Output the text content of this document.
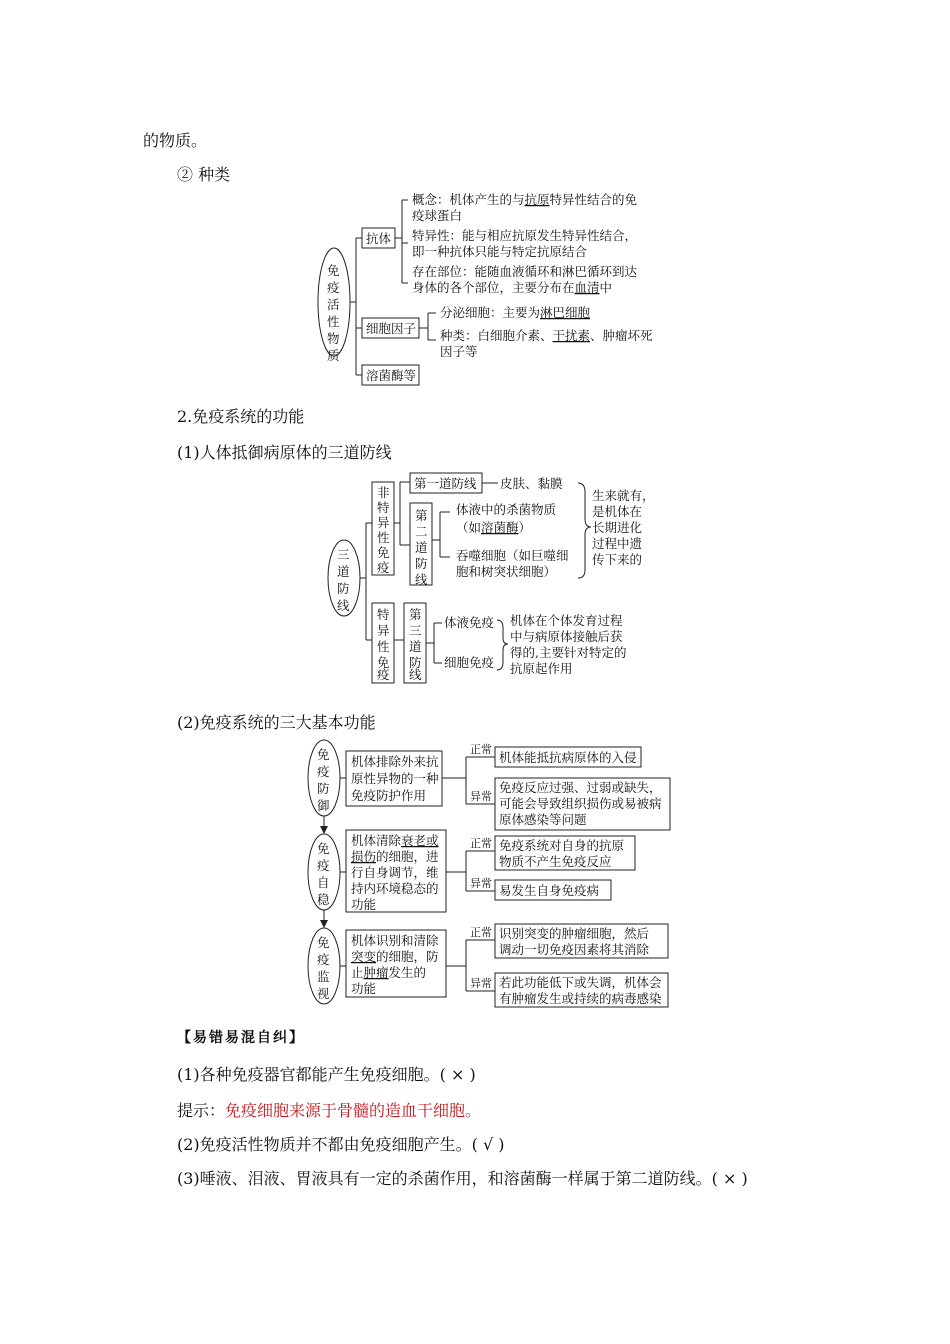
的物质。
② 种类
免
疫
活
性
物
质
抗体
概念：机体产生的与抗原特异性结合的免
疫球蛋白
特异性：能与相应抗原发生特异性结合，
即一种抗体只能与特定抗原结合
存在部位：能随血液循环和淋巴循环到达
身体的各个部位，主要分布在血清中
细胞因子
分泌细胞：主要为淋巴细胞
种类：白细胞介素、干扰素、肿瘤坏死
因子等
溶菌酶等
2.免疫系统的功能
(1)人体抵御病原体的三道防线
三
道
防
线
非
特
异
性
免
疫
第一道防线 皮肤、黏膜
第
二
道
防
线
体液中的杀菌物质
（如溶菌酶）
吞噬细胞（如巨噬细
胞和树突状细胞）
生来就有，
是机体在
长期进化
过程中遗
传下来的
特
异
性
免
疫
第
三
道
防
线
体液免疫
细胞免疫
机体在个体发育过程
中与病原体接触后获
得的,主要针对特定的
抗原起作用
(2)免疫系统的三大基本功能
免
疫
防
御
机体排除外来抗
原性异物的一种
免疫防护作用
正常
异常
机体能抵抗病原体的入侵
免疫反应过强、过弱或缺失，
可能会导致组织损伤或易被病
原体感染等问题
免
疫
自
稳
机体清除衰老或
损伤的细胞，进
行自身调节，维
持内环境稳态的
功能
正常
异常
免疫系统对自身的抗原
物质不产生免疫反应
易发生自身免疫病
免
疫
监
视
机体识别和清除
突变的细胞，防
止肿瘤发生的
功能
正常
异常
识别突变的肿瘤细胞，然后
调动一切免疫因素将其消除
若此功能低下或失调，机体会
有肿瘤发生或持续的病毒感染
【易错易混自纠】
(1)各种免疫器官都能产生免疫细胞。( × )
提示：免疫细胞来源于骨髓的造血干细胞。
(2)免疫活性物质并不都由免疫细胞产生。( √ )
(3)唾液、泪液、胃液具有一定的杀菌作用，和溶菌酶一样属于第二道防线。( × )
